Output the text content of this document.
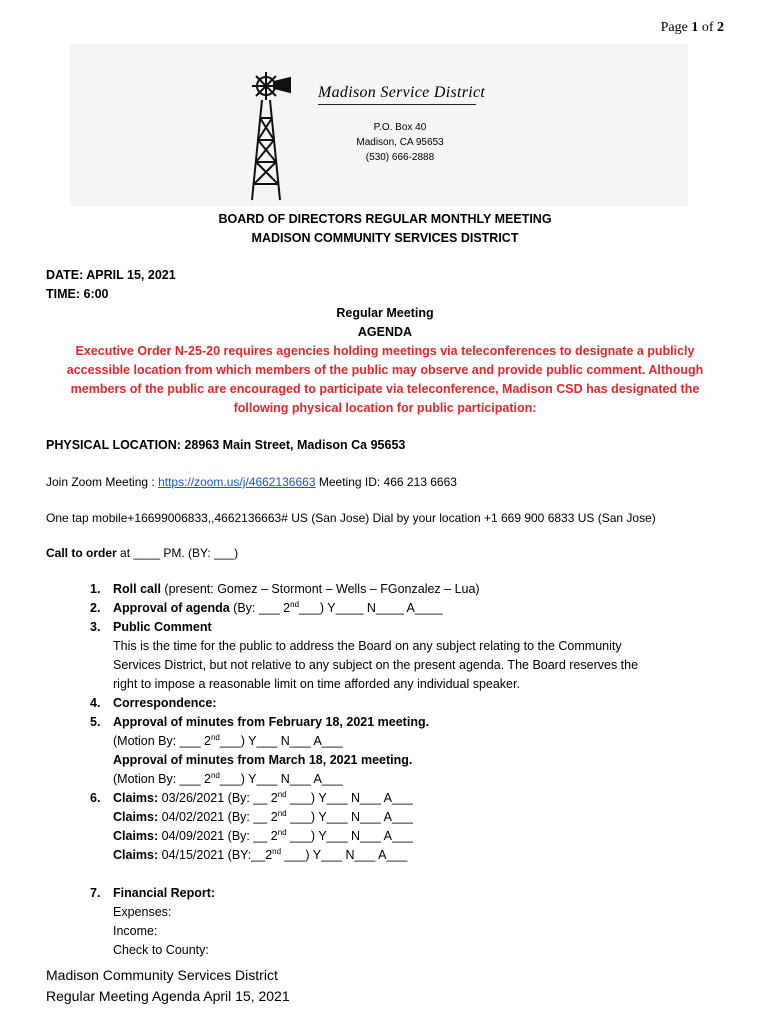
Page 1 of 2
Madison Service District
P.O. Box 40
Madison, CA 95653
(530) 666-2888
BOARD OF DIRECTORS REGULAR MONTHLY MEETING
MADISON COMMUNITY SERVICES DISTRICT
DATE: APRIL 15, 2021
TIME: 6:00
Regular Meeting
AGENDA
Executive Order N-25-20 requires agencies holding meetings via teleconferences to designate a publicly
accessible location from which members of the public may observe and provide public comment. Although
members of the public are encouraged to participate via teleconference, Madison CSD has designated the
following physical location for public participation:
PHYSICAL LOCATION: 28963 Main Street, Madison Ca 95653
Join Zoom Meeting : https://zoom.us/j/4662136663 Meeting ID: 466 213 6663
One tap mobile+16699006833,,4662136663# US (San Jose) Dial by your location +1 669 900 6833 US (San Jose)
Call to order at ____ PM. (BY: ___)
1. Roll call (present: Gomez – Stormont – Wells – FGonzalez – Lua)
2. Approval of agenda (By: ___ 2nd___) Y____ N____ A____
3. Public Comment
This is the time for the public to address the Board on any subject relating to the Community
Services District, but not relative to any subject on the present agenda. The Board reserves the
right to impose a reasonable limit on time afforded any individual speaker.
4. Correspondence:
5. Approval of minutes from February 18, 2021 meeting.
(Motion By: ___ 2nd___) Y___ N___ A___
Approval of minutes from March 18, 2021 meeting.
(Motion By: ___ 2nd___) Y___ N___ A___
6. Claims: 03/26/2021 (By: __ 2nd ___) Y___ N___ A___
Claims: 04/02/2021 (By: __ 2nd ___) Y___ N___ A___
Claims: 04/09/2021 (By: __ 2nd ___) Y___ N___ A___
Claims: 04/15/2021 (BY:__2nd ___) Y___ N___ A___
7. Financial Report:
Expenses:
Income:
Check to County:
Madison Community Services District
Regular Meeting Agenda April 15, 2021
